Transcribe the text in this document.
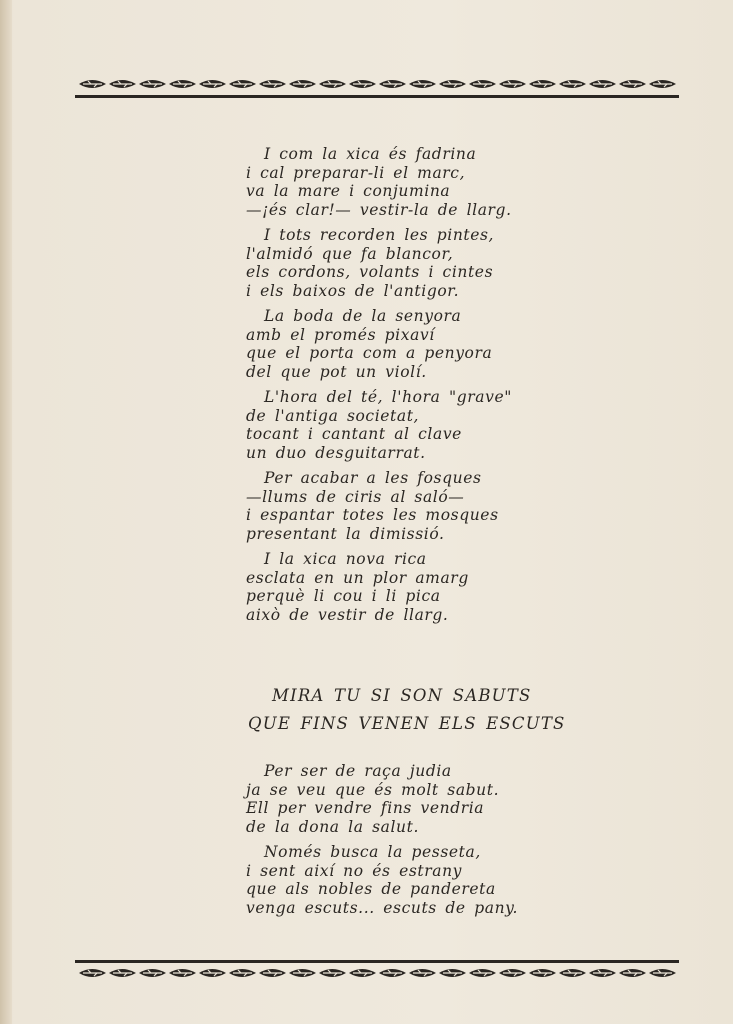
I com la xica és fadrina
i cal preparar-li el marc,
va la mare i conjumina
—¡és clar!— vestir-la de llarg.
I tots recorden les pintes,
l'almidó que fa blancor,
els cordons, volants i cintes
i els baixos de l'antigor.
La boda de la senyora
amb el promés pixaví
que el porta com a penyora
del que pot un violí.
L'hora del té, l'hora "grave"
de l'antiga societat,
tocant i cantant al clave
un duo desguitarrat.
Per acabar a les fosques
—llums de ciris al saló—
i espantar totes les mosques
presentant la dimissió.
I la xica nova rica
esclata en un plor amarg
perquè li cou i li pica
això de vestir de llarg.
MIRA TU SI SON SABUTS
QUE FINS VENEN ELS ESCUTS
Per ser de raça judia
ja se veu que és molt sabut.
Ell per vendre fins vendria
de la dona la salut.
Només busca la pesseta,
i sent així no és estrany
que als nobles de pandereta
venga escuts... escuts de pany.
